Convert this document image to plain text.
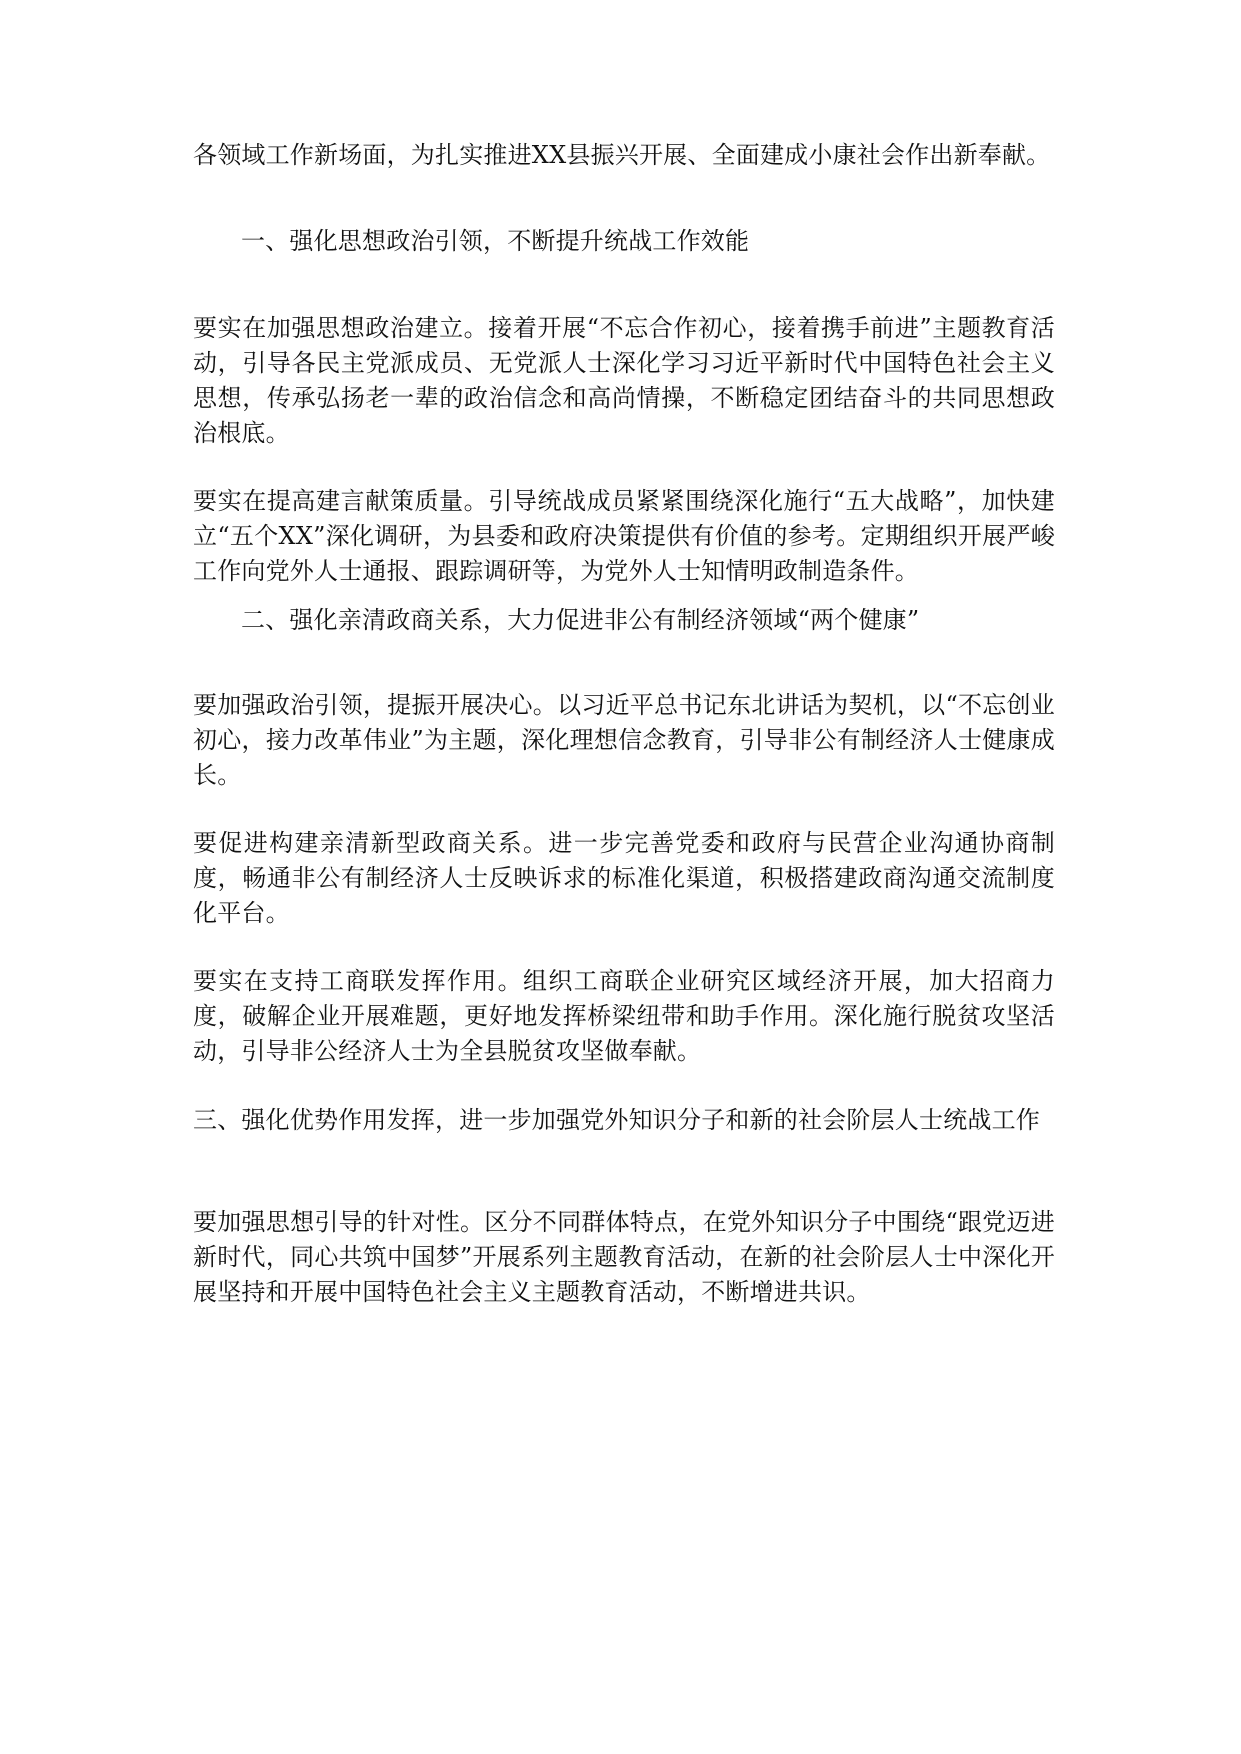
各领域工作新场面，为扎实推进XX县振兴开展、全面建成小康社会作出新奉献。

一、强化思想政治引领，不断提升统战工作效能

要实在加强思想政治建立。接着开展“不忘合作初心，接着携手前进”主题教育活动，引导各民主党派成员、无党派人士深化学习习近平新时代中国特色社会主义思想，传承弘扬老一辈的政治信念和高尚情操，不断稳定团结奋斗的共同思想政治根底。

要实在提高建言献策质量。引导统战成员紧紧围绕深化施行“五大战略”，加快建立“五个XX”深化调研，为县委和政府决策提供有价值的参考。定期组织开展严峻工作向党外人士通报、跟踪调研等，为党外人士知情明政制造条件。

二、强化亲清政商关系，大力促进非公有制经济领域“两个健康”

要加强政治引领，提振开展决心。以习近平总书记东北讲话为契机，以“不忘创业初心，接力改革伟业”为主题，深化理想信念教育，引导非公有制经济人士健康成长。

要促进构建亲清新型政商关系。进一步完善党委和政府与民营企业沟通协商制度，畅通非公有制经济人士反映诉求的标准化渠道，积极搭建政商沟通交流制度化平台。

要实在支持工商联发挥作用。组织工商联企业研究区域经济开展，加大招商力度，破解企业开展难题，更好地发挥桥梁纽带和助手作用。深化施行脱贫攻坚活动，引导非公经济人士为全县脱贫攻坚做奉献。

三、强化优势作用发挥，进一步加强党外知识分子和新的社会阶层人士统战工作

要加强思想引导的针对性。区分不同群体特点，在党外知识分子中围绕“跟党迈进新时代，同心共筑中国梦”开展系列主题教育活动，在新的社会阶层人士中深化开展坚持和开展中国特色社会主义主题教育活动，不断增进共识。
